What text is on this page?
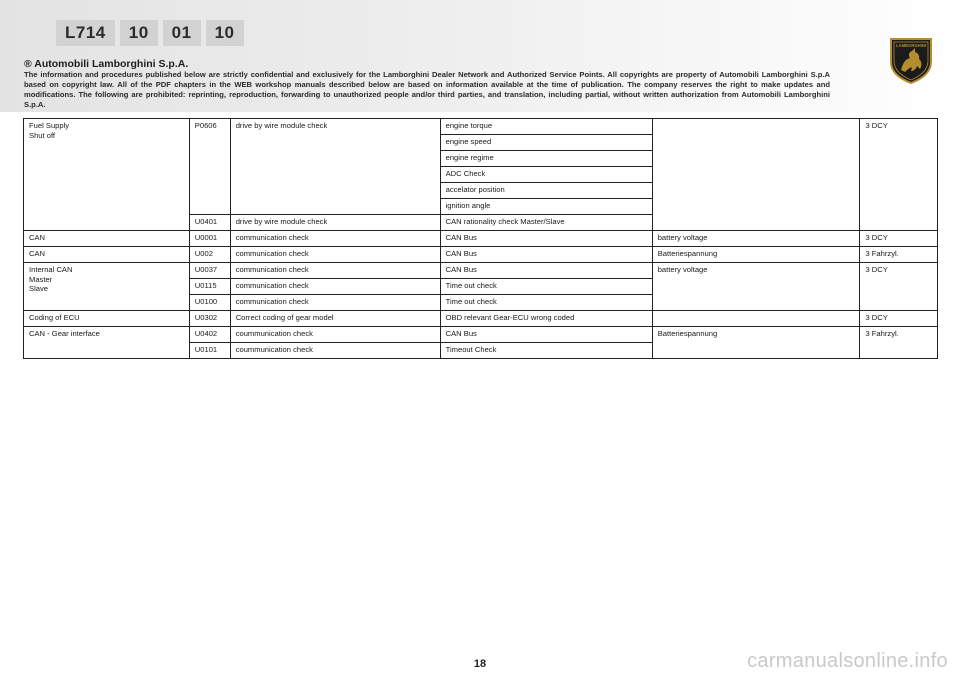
L714	10	01	10
® Automobili Lamborghini S.p.A.
The information and procedures published below are strictly confidential and exclusively for the Lamborghini Dealer Network and Authorized Service Points. All copyrights are property of Automobili Lamborghini S.p.A based on copyright law. All of the PDF chapters in the WEB workshop manuals described below are based on information available at the time of publication. The company reserves the right to make updates and modifications. The following are prohibited: reprinting, reproduction, forwarding to unauthorized people and/or third parties, and translation, including partial, without written authorization from Automobili Lamborghini S.p.A.
LAMBORGHINI
Fuel Supply
Shut off	P0606	drive by wire module check	engine torque		3 DCY
			engine speed		
			engine regime		
			ADC Check		
			accelator position		
			ignition angle		
	U0401	drive by wire module check	CAN rationality check Master/Slave		
CAN	U0001	communication check	CAN Bus	battery voltage	3 DCY
CAN	U002	communication check	CAN Bus	Batteriespannung	3 Fahrzyl.

Internal CAN
Master
Slave	U0037	communication check	CAN Bus	battery voltage	3 DCY
	U0115	communication check	Time out check		
	U0100	communication check	Time out check		
Coding of ECU	U0302	Correct coding of gear model	OBD relevant Gear-ECU wrong coded		3 DCY
CAN - Gear interface	U0402	coummunication check	CAN Bus	Batteriespannung	3 Fahrzyl.
	U0101	coummunication check	Timeout Check		
18	carmanualsonline.info
